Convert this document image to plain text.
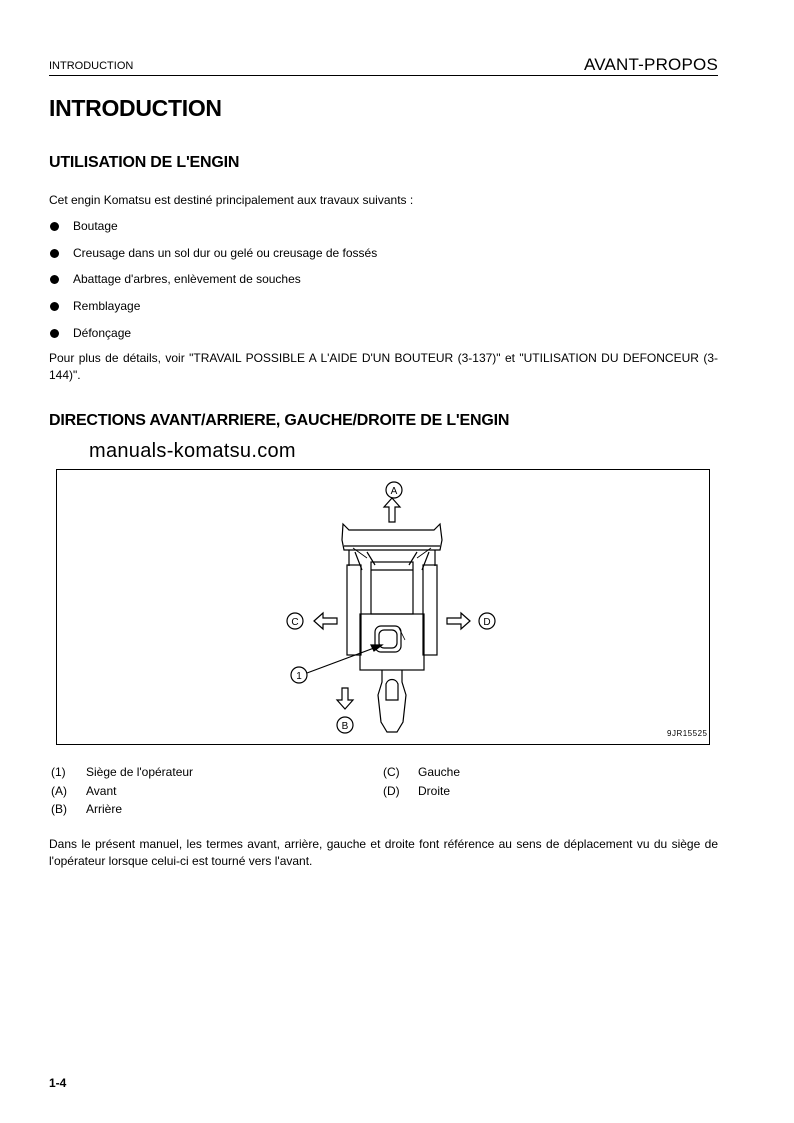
INTRODUCTION	AVANT-PROPOS
INTRODUCTION
UTILISATION DE L'ENGIN
Cet engin Komatsu est destiné principalement aux travaux suivants :
Boutage
Creusage dans un sol dur ou gelé ou creusage de fossés
Abattage d'arbres, enlèvement de souches
Remblayage
Défonçage
Pour plus de détails, voir "TRAVAIL POSSIBLE A L'AIDE D'UN BOUTEUR (3-137)" et "UTILISATION DU DEFONCEUR (3-144)".
DIRECTIONS AVANT/ARRIERE, GAUCHE/DROITE DE L'ENGIN
manuals-komatsu.com
A
C	D
B
1
9JR15525
(1) Siège de l'opérateur
(A) Avant
(B) Arrière
(C) Gauche
(D) Droite
Dans le présent manuel, les termes avant, arrière, gauche et droite font référence au sens de déplacement vu du siège de l'opérateur lorsque celui-ci est tourné vers l'avant.
1-4
